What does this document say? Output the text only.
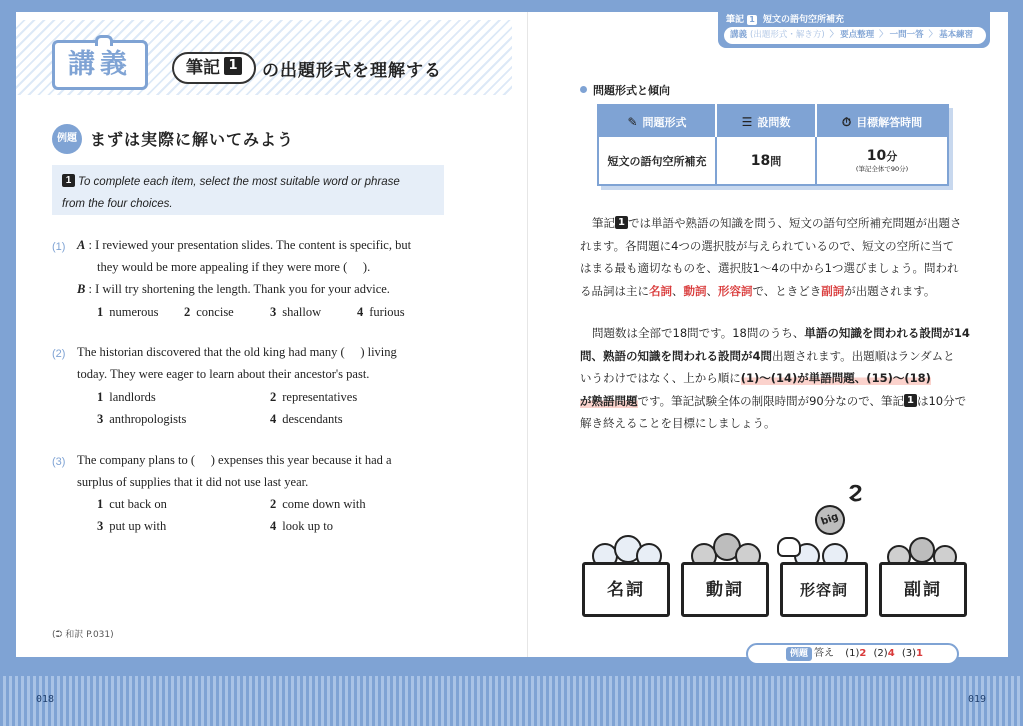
018	019
講義	筆記 1	の出題形式を理解する
例題 まずは実際に解いてみよう
1 To complete each item, select the most suitable word or phrase
from the four choices.
(1) A : I reviewed your presentation slides. The content is specific, but
they would be more appealing if they were more ( ) .
B : I will try shortening the length. Thank you for your advice.
1 numerous 2 concise	3 shallow	4 furious
(2) The historian discovered that the old king had many ( ) living
today. They were eager to learn about their ancestor's past.
1 landlords	2 representatives
3 anthropologists	4 descendants
(3) The company plans to ( ) expenses this year because it had a
surplus of supplies that it did not use last year.
1 cut back on	2 come down with
3 put up with	4 look up to
(⮊ 和訳 P.031)
筆記 1 短文の語句空所補充
講義 (出題形式・解き方) 〉 要点整理 〉 一問一答 〉 基本練習
問題形式と傾向
✎ 問題形式	☰ 設問数	⏱ 目標解答時間
短文の語句空所補充	18問	10分
(筆記全体で90分)
筆記 1 では単語や熟語の知識を問う、短文の語句空所補充問題が出題さ
れます。各問題に4つの選択肢が与えられているので、短文の空所に当て
はまる最も適切なものを、選択肢1〜4の中から1つ選びましょう。問われ
る品詞は主に名詞、動詞、形容詞で、ときどき副詞が出題されます。
問題数は全部で18問です。18問のうち、単語の知識を問われる設問が14
問、熟語の知識を問われる設問が4問出題されます。出題順はランダムと
いうわけではなく、上から順に(1)〜(14)が単語問題、(15)〜(18)
が熟語問題です。筆記試験全体の制限時間が90分なので、筆記 1 は10分で
解き終えることを目標にしましょう。
big
ϩ
名詞	動詞	形容詞	副詞
例題 答え (1)2 (2)4 (3)1
